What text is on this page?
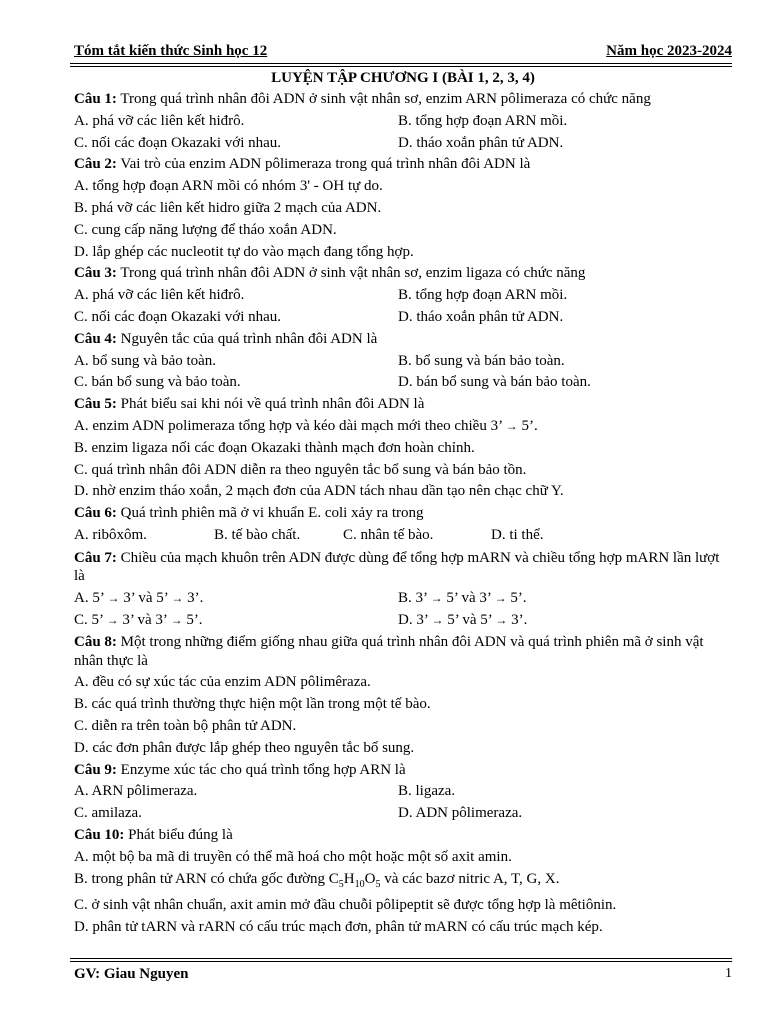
Tóm tắt kiến thức Sinh học 12	Năm học 2023-2024
LUYỆN TẬP CHƯƠNG I (BÀI 1, 2, 3, 4)
Câu 1: Trong quá trình nhân đôi ADN ở sinh vật nhân sơ, enzim ARN pôlimeraza có chức năng
A. phá vỡ các liên kết hiđrô.	B. tổng hợp đoạn ARN mồi.
C. nối các đoạn Okazaki với nhau.	D. tháo xoắn phân tử ADN.
Câu 2: Vai trò của enzim ADN pôlimeraza trong quá trình nhân đôi ADN là
A. tổng hợp đoạn ARN mồi có nhóm 3' - OH tự do.
B. phá vỡ các liên kết hidro giữa 2 mạch của ADN.
C. cung cấp năng lượng để tháo xoắn ADN.
D. lắp ghép các nucleotit tự do vào mạch đang tổng hợp.
Câu 3: Trong quá trình nhân đôi ADN ở sinh vật nhân sơ, enzim ligaza có chức năng
A. phá vỡ các liên kết hiđrô.	B. tổng hợp đoạn ARN mồi.
C. nối các đoạn Okazaki với nhau.	D. tháo xoắn phân tử ADN.
Câu 4: Nguyên tắc của quá trình nhân đôi ADN là
A. bổ sung và bảo toàn.	B. bổ sung và bán bảo toàn.
C. bán bổ sung và bảo toàn.	D. bán bổ sung và bán bảo toàn.
Câu 5: Phát biểu sai khi nói về quá trình nhân đôi ADN là
A. enzim ADN polimeraza tổng hợp và kéo dài mạch mới theo chiều 3’ → 5’.
B. enzim ligaza nối các đoạn Okazaki thành mạch đơn hoàn chỉnh.
C. quá trình nhân đôi ADN diễn ra theo nguyên tắc bổ sung và bán bảo tồn.
D. nhờ enzim tháo xoắn, 2 mạch đơn của ADN tách nhau dần tạo nên chạc chữ Y.
Câu 6: Quá trình phiên mã ở vi khuẩn E. coli xảy ra trong
A. ribôxôm.	B. tế bào chất.	C. nhân tế bào.	D. ti thể.
Câu 7: Chiều của mạch khuôn trên ADN được dùng để tổng hợp mARN và chiều tổng hợp mARN lần lượt là
A. 5’ → 3’ và 5’ → 3’.	B. 3’ → 5’ và 3’ → 5’.
C. 5’ → 3’ và 3’ → 5’.	D. 3’ → 5’ và 5’ → 3’.
Câu 8: Một trong những điểm giống nhau giữa quá trình nhân đôi ADN và quá trình phiên mã ở sinh vật nhân thực là
A. đều có sự xúc tác của enzim ADN pôlimêraza.
B. các quá trình thường thực hiện một lần trong một tế bào.
C. diễn ra trên toàn bộ phân tử ADN.
D. các đơn phân được lắp ghép theo nguyên tắc bổ sung.
Câu 9: Enzyme xúc tác cho quá trình tổng hợp ARN là
A. ARN pôlimeraza.	B. ligaza.
C. amilaza.	D. ADN pôlimeraza.
Câu 10: Phát biểu đúng là
A. một bộ ba mã di truyền có thể mã hoá cho một hoặc một số axit amin.
B. trong phân tử ARN có chứa gốc đường $C_5H_{10}O_5$ và các bazơ nitric A, T, G, X.
C. ở sinh vật nhân chuẩn, axit amin mở đầu chuỗi pôlipeptit sẽ được tổng hợp là mêtiônin.
D. phân tử tARN và rARN có cấu trúc mạch đơn, phân tử mARN có cấu trúc mạch kép.
GV: Giau Nguyen	1
